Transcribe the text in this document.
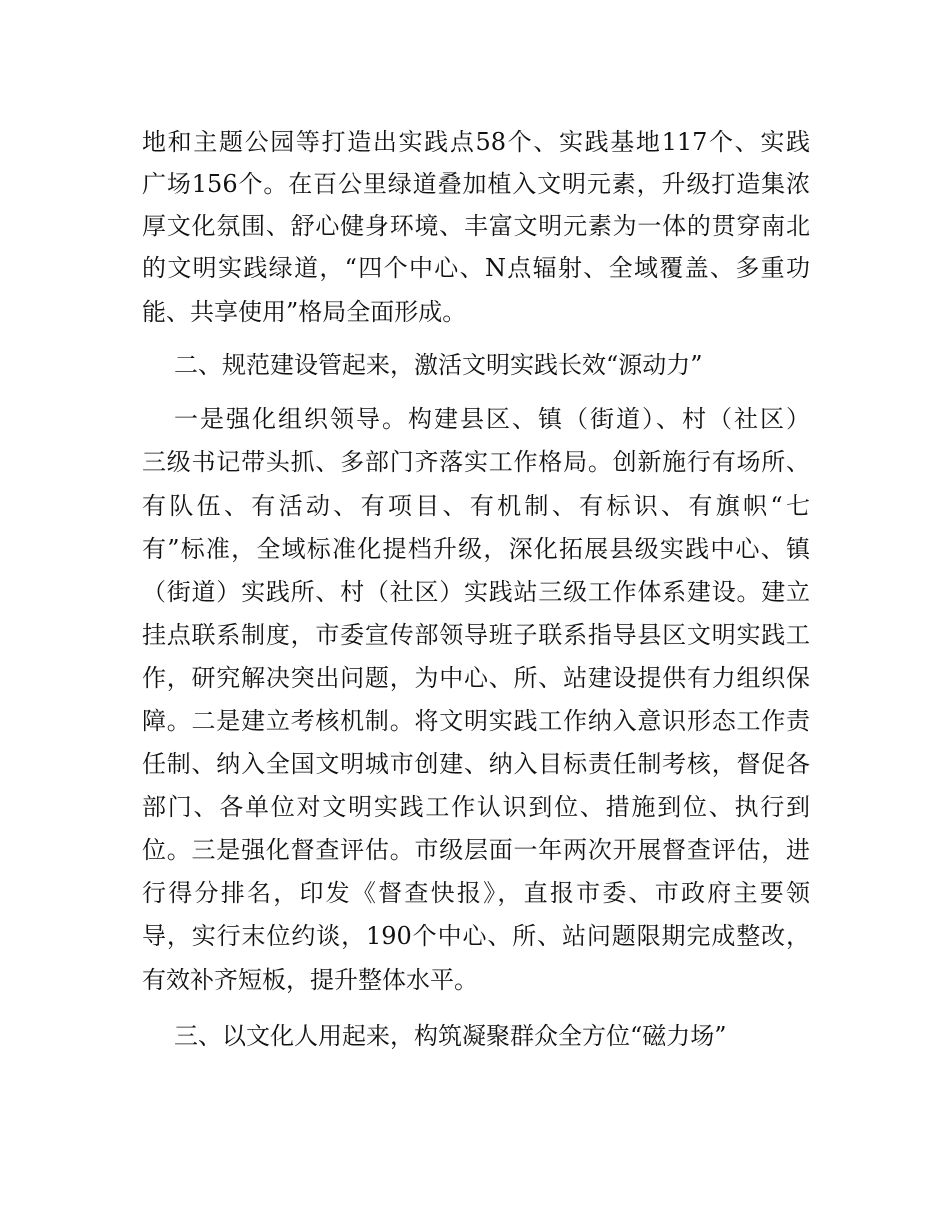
地和主题公园等打造出实践点58个、实践基地117个、实践
广场156个。在百公里绿道叠加植入文明元素，升级打造集浓
厚文化氛围、舒心健身环境、丰富文明元素为一体的贯穿南北
的文明实践绿道，“四个中心、N点辐射、全域覆盖、多重功
能、共享使用”格局全面形成。
二、规范建设管起来，激活文明实践长效“源动力”
一是强化组织领导。构建县区、镇（街道）、村（社区）
三级书记带头抓、多部门齐落实工作格局。创新施行有场所、
有队伍、有活动、有项目、有机制、有标识、有旗帜“七
有”标准，全域标准化提档升级，深化拓展县级实践中心、镇
（街道）实践所、村（社区）实践站三级工作体系建设。建立
挂点联系制度，市委宣传部领导班子联系指导县区文明实践工
作，研究解决突出问题，为中心、所、站建设提供有力组织保
障。二是建立考核机制。将文明实践工作纳入意识形态工作责
任制、纳入全国文明城市创建、纳入目标责任制考核，督促各
部门、各单位对文明实践工作认识到位、措施到位、执行到
位。三是强化督查评估。市级层面一年两次开展督查评估，进
行得分排名，印发《督查快报》，直报市委、市政府主要领
导，实行末位约谈，190个中心、所、站问题限期完成整改，
有效补齐短板，提升整体水平。
三、以文化人用起来，构筑凝聚群众全方位“磁力场”
